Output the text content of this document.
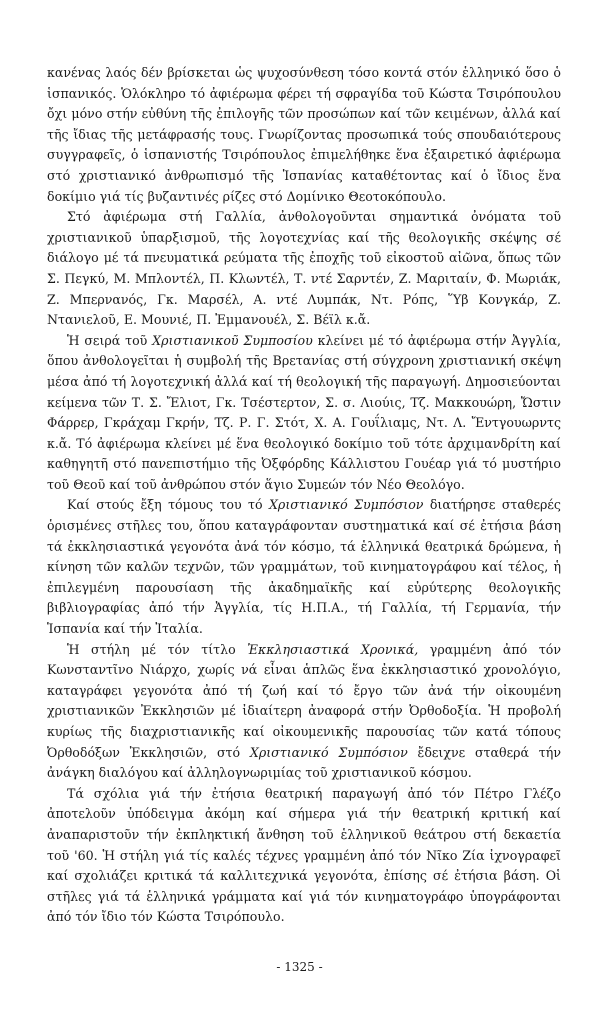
κανένας λαός δέν βρίσκεται ὡς ψυχοσύνθεση τόσο κοντά στόν ἑλληνικό ὅσο ὁ ἱσπανικός. Ὁλόκληρο τό ἀφιέρωμα φέρει τή σφραγίδα τοῦ Κώστα Τσιρόπουλου ὄχι μόνο στήν εὐθύνη τῆς ἐπιλογῆς τῶν προσώπων καί τῶν κειμένων, ἀλλά καί τῆς ἴδιας τῆς μετάφρασής τους. Γνωρίζοντας προσωπικά τούς σπουδαιότερους συγγραφεῖς, ὁ ἱσπανιστής Τσιρόπουλος ἐπιμελήθηκε ἕνα ἐξαιρετικό ἀφιέρωμα στό χριστιανικό ἀνθρωπισμό τῆς Ἱσπανίας καταθέτοντας καί ὁ ἴδιος ἕνα δοκίμιο γιά τίς βυζαντινές ρίζες στό Δομίνικο Θεοτοκόπουλο.

Στό ἀφιέρωμα στή Γαλλία, ἀνθολογοῦνται σημαντικά ὀνόματα τοῦ χριστιανικοῦ ὑπαρξισμοῦ, τῆς λογοτεχνίας καί τῆς θεολογικῆς σκέψης σέ διάλογο μέ τά πνευματικά ρεύματα τῆς ἐποχῆς τοῦ εἰκοστοῦ αἰῶνα, ὅπως τῶν Σ. Πεγκύ, Μ. Μπλοντέλ, Π. Κλωντέλ, Τ. ντέ Σαρντέν, Ζ. Μαριταίν, Φ. Μωριάκ, Ζ. Μπερνανός, Γκ. Μαρσέλ, Α. ντέ Λυμπάκ, Ντ. Ρόπς, Ὕβ Κονγκάρ, Ζ. Ντανιελοῦ, Ε. Μουνιέ, Π. Ἐμμανουέλ, Σ. Βέϊλ κ.ἄ.

Ἡ σειρά τοῦ Χριστιανικοῦ Συμποσίου κλείνει μέ τό ἀφιέρωμα στήν Ἀγγλία, ὅπου ἀνθολογεῖται ἡ συμβολή τῆς Βρετανίας στή σύγχρονη χριστιανική σκέψη μέσα ἀπό τή λογοτεχνική ἀλλά καί τή θεολογική τῆς παραγωγή. Δημοσιεύονται κείμενα τῶν Τ. Σ. Ἔλιοτ, Γκ. Τσέστερτον, Σ. σ. Λιούις, Τζ. Μακκουώρη, Ὤστιν Φάρρερ, Γκράχαμ Γκρήν, Τζ. Ρ. Γ. Στότ, Χ. Α. Γουΐλιαμς, Ντ. Λ. Ἔντγουωρντς κ.ἄ. Τό ἀφιέρωμα κλείνει μέ ἕνα θεολογικό δοκίμιο τοῦ τότε ἀρχιμανδρίτη καί καθηγητῆ στό πανεπιστήμιο τῆς Ὀξφόρδης Κάλλιστου Γουέαρ γιά τό μυστήριο τοῦ Θεοῦ καί τοῦ ἀνθρώπου στόν ἅγιο Συμεών τόν Νέο Θεολόγο.

Καί στούς ἔξη τόμους του τό Χριστιανικό Συμπόσιον διατήρησε σταθερές ὁρισμένες στῆλες του, ὅπου καταγράφονταν συστηματικά καί σέ ἐτήσια βάση τά ἐκκλησιαστικά γεγονότα ἀνά τόν κόσμο, τά ἑλληνικά θεατρικά δρώμενα, ἡ κίνηση τῶν καλῶν τεχνῶν, τῶν γραμμάτων, τοῦ κινηματογράφου καί τέλος, ἡ ἐπιλεγμένη παρουσίαση τῆς ἀκαδημαϊκῆς καί εὐρύτερης θεολογικῆς βιβλιογραφίας ἀπό τήν Ἀγγλία, τίς Η.Π.Α., τή Γαλλία, τή Γερμανία, τήν Ἱσπανία καί τήν Ἰταλία.

Ἡ στήλη μέ τόν τίτλο Ἐκκλησιαστικά Χρονικά, γραμμένη ἀπό τόν Κωνσταντῖνο Νιάρχο, χωρίς νά εἶναι ἁπλῶς ἕνα ἐκκλησιαστικό χρονολόγιο, καταγράφει γεγονότα ἀπό τή ζωή καί τό ἔργο τῶν ἀνά τήν οἰκουμένη χριστιανικῶν Ἐκκλησιῶν μέ ἰδιαίτερη ἀναφορά στήν Ὀρθοδοξία. Ἡ προβολή κυρίως τῆς διαχριστιανικῆς καί οἰκουμενικῆς παρουσίας τῶν κατά τόπους Ὀρθοδόξων Ἐκκλησιῶν, στό Χριστιανικό Συμπόσιον ἔδειχνε σταθερά τήν ἀνάγκη διαλόγου καί ἀλληλογνωριμίας τοῦ χριστιανικοῦ κόσμου.

Τά σχόλια γιά τήν ἐτήσια θεατρική παραγωγή ἀπό τόν Πέτρο Γλέζο ἀποτελοῦν ὑπόδειγμα ἀκόμη καί σήμερα γιά τήν θεατρική κριτική καί ἀναπαριστοῦν τήν ἐκπληκτική ἄνθηση τοῦ ἑλληνικοῦ θεάτρου στή δεκαετία τοῦ '60. Ἡ στήλη γιά τίς καλές τέχνες γραμμένη ἀπό τόν Νῖκο Ζία ἰχνογραφεῖ καί σχολιάζει κριτικά τά καλλιτεχνικά γεγονότα, ἐπίσης σέ ἐτήσια βάση. Οἱ στῆλες γιά τά ἑλληνικά γράμματα καί γιά τόν κινηματογράφο ὑπογράφονται ἀπό τόν ἴδιο τόν Κώστα Τσιρόπουλο.

- 1325 -
